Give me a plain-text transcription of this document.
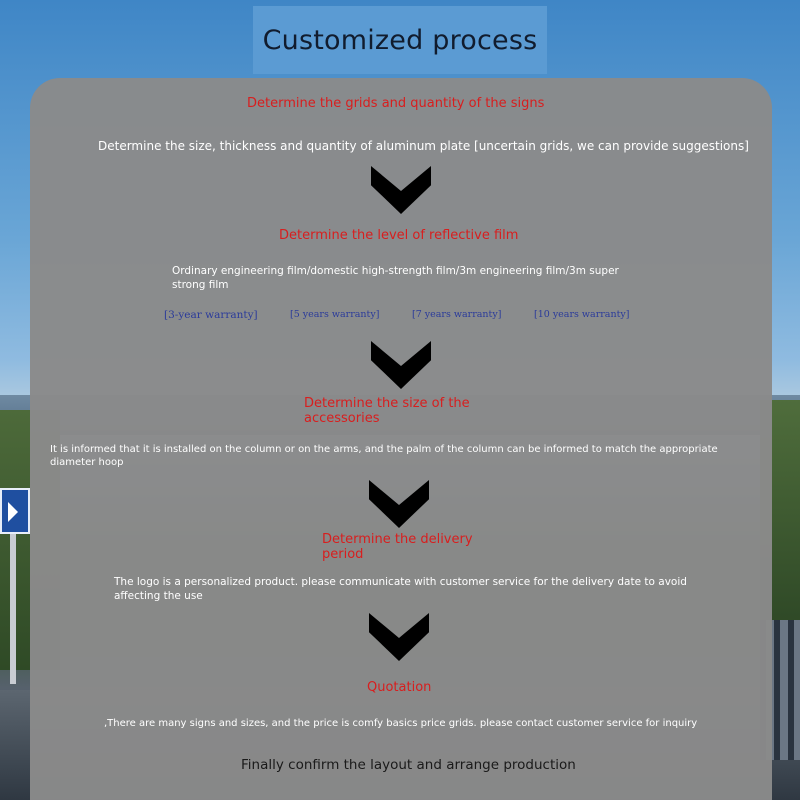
Customized process
Determine the grids and quantity of the signs
Determine the size, thickness and quantity of aluminum plate [uncertain grids, we can provide suggestions]
Determine the level of reflective film
Ordinary engineering film/domestic high-strength film/3m engineering film/3m super strong film
[3-year warranty]	[5 years warranty]	[7 years warranty]	[10 years warranty]
Determine the size of the accessories
It is informed that it is installed on the column or on the arms, and the palm of the column can be informed to match the appropriate diameter hoop
Determine the delivery period
The logo is a personalized product. please communicate with customer service for the delivery date to avoid affecting the use
Quotation
,There are many signs and sizes, and the price is comfy basics price grids. please contact customer service for inquiry
Finally confirm the layout and arrange production
